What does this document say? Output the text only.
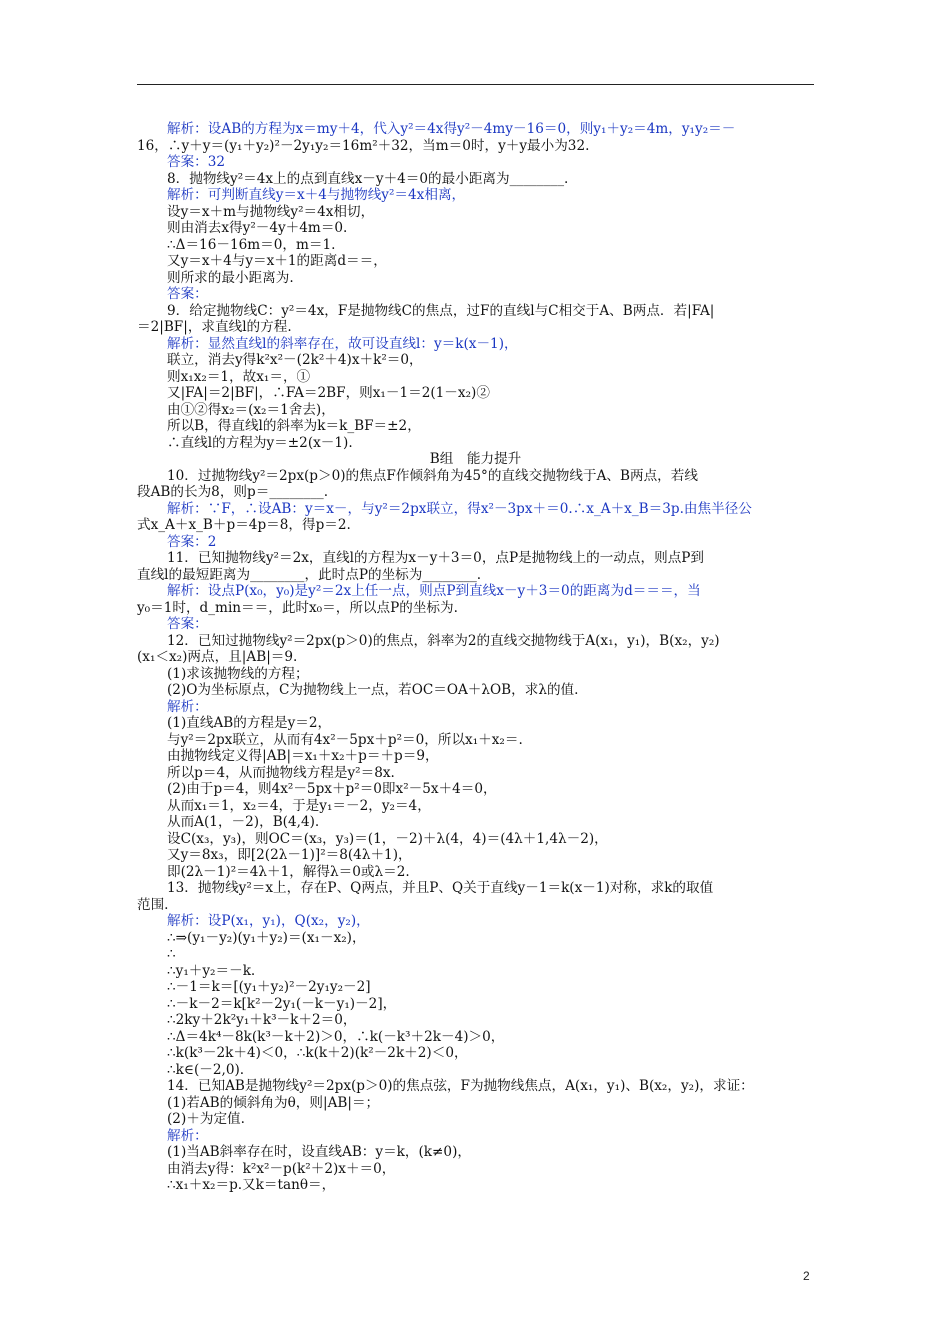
解析：设AB的方程为x＝my＋4，代入y²＝4x得y²－4my－16＝0，则y₁＋y₂＝4m，y₁y₂＝－
16，∴y＋y＝(y₁＋y₂)²－2y₁y₂＝16m²＋32，当m＝0时，y＋y最小为32.
答案：32
8．抛物线y²＝4x上的点到直线x－y＋4＝0的最小距离为________.
解析：可判断直线y＝x＋4与抛物线y²＝4x相离，
设y＝x＋m与抛物线y²＝4x相切，
则由消去x得y²－4y＋4m＝0.
∴Δ＝16－16m＝0，m＝1.
又y＝x＋4与y＝x＋1的距离d＝＝，
则所求的最小距离为.
答案：
9．给定抛物线C：y²＝4x，F是抛物线C的焦点，过F的直线l与C相交于A、B两点．若|FA|
＝2|BF|，求直线l的方程.
解析：显然直线l的斜率存在，故可设直线l：y＝k(x－1)，
联立，消去y得k²x²－(2k²＋4)x＋k²＝0，
则x₁x₂＝1，故x₁＝，①
又|FA|＝2|BF|，∴FA＝2BF，则x₁－1＝2(1－x₂)②
由①②得x₂＝(x₂＝1舍去)，
所以B，得直线l的斜率为k＝k_BF＝±2，
∴直线l的方程为y＝±2(x－1).
B组　能力提升
10．过抛物线y²＝2px(p＞0)的焦点F作倾斜角为45°的直线交抛物线于A、B两点，若线
段AB的长为8，则p＝________.
解析：∵F，∴设AB：y＝x－，与y²＝2px联立，得x²－3px＋＝0.∴x_A＋x_B＝3p.由焦半径公
式x_A＋x_B＋p＝4p＝8，得p＝2.
答案：2
11．已知抛物线y²＝2x，直线l的方程为x－y＋3＝0，点P是抛物线上的一动点，则点P到
直线l的最短距离为________，此时点P的坐标为________.
解析：设点P(x₀，y₀)是y²＝2x上任一点，则点P到直线x－y＋3＝0的距离为d＝＝＝，当
y₀＝1时，d_min＝＝，此时x₀＝，所以点P的坐标为.
答案：
12．已知过抛物线y²＝2px(p＞0)的焦点，斜率为2的直线交抛物线于A(x₁，y₁)，B(x₂，y₂)
(x₁＜x₂)两点，且|AB|＝9.
(1)求该抛物线的方程；
(2)O为坐标原点，C为抛物线上一点，若OC＝OA＋λOB，求λ的值.
解析：
(1)直线AB的方程是y＝2，
与y²＝2px联立，从而有4x²－5px＋p²＝0，所以x₁＋x₂＝.
由抛物线定义得|AB|＝x₁＋x₂＋p＝＋p＝9，
所以p＝4，从而抛物线方程是y²＝8x.
(2)由于p＝4，则4x²－5px＋p²＝0即x²－5x＋4＝0，
从而x₁＝1，x₂＝4，于是y₁＝－2，y₂＝4，
从而A(1，－2)，B(4,4).
设C(x₃，y₃)，则OC＝(x₃，y₃)＝(1，－2)＋λ(4，4)＝(4λ＋1,4λ－2)，
又y＝8x₃，即[2(2λ－1)]²＝8(4λ＋1)，
即(2λ－1)²＝4λ＋1，解得λ＝0或λ＝2.
13．抛物线y²＝x上，存在P、Q两点，并且P、Q关于直线y－1＝k(x－1)对称，求k的取值
范围.
解析：设P(x₁，y₁)，Q(x₂，y₂)，
∴⇒(y₁－y₂)(y₁＋y₂)＝(x₁－x₂)，
∴
∴y₁＋y₂＝－k.
∴－1＝k＝[(y₁＋y₂)²－2y₁y₂－2]
∴－k－2＝k[k²－2y₁(－k－y₁)－2]，
∴2ky＋2k²y₁＋k³－k＋2＝0，
∴Δ＝4k⁴－8k(k³－k＋2)＞0，∴k(－k³＋2k－4)＞0，
∴k(k³－2k＋4)＜0，∴k(k＋2)(k²－2k＋2)＜0，
∴k∈(－2,0).
14．已知AB是抛物线y²＝2px(p＞0)的焦点弦，F为抛物线焦点，A(x₁，y₁)、B(x₂，y₂)，求证：
(1)若AB的倾斜角为θ，则|AB|＝；
(2)＋为定值.
解析：
(1)当AB斜率存在时，设直线AB：y＝k，(k≠0)，
由消去y得：k²x²－p(k²＋2)x＋＝0，
∴x₁＋x₂＝p.又k＝tanθ＝，
2
